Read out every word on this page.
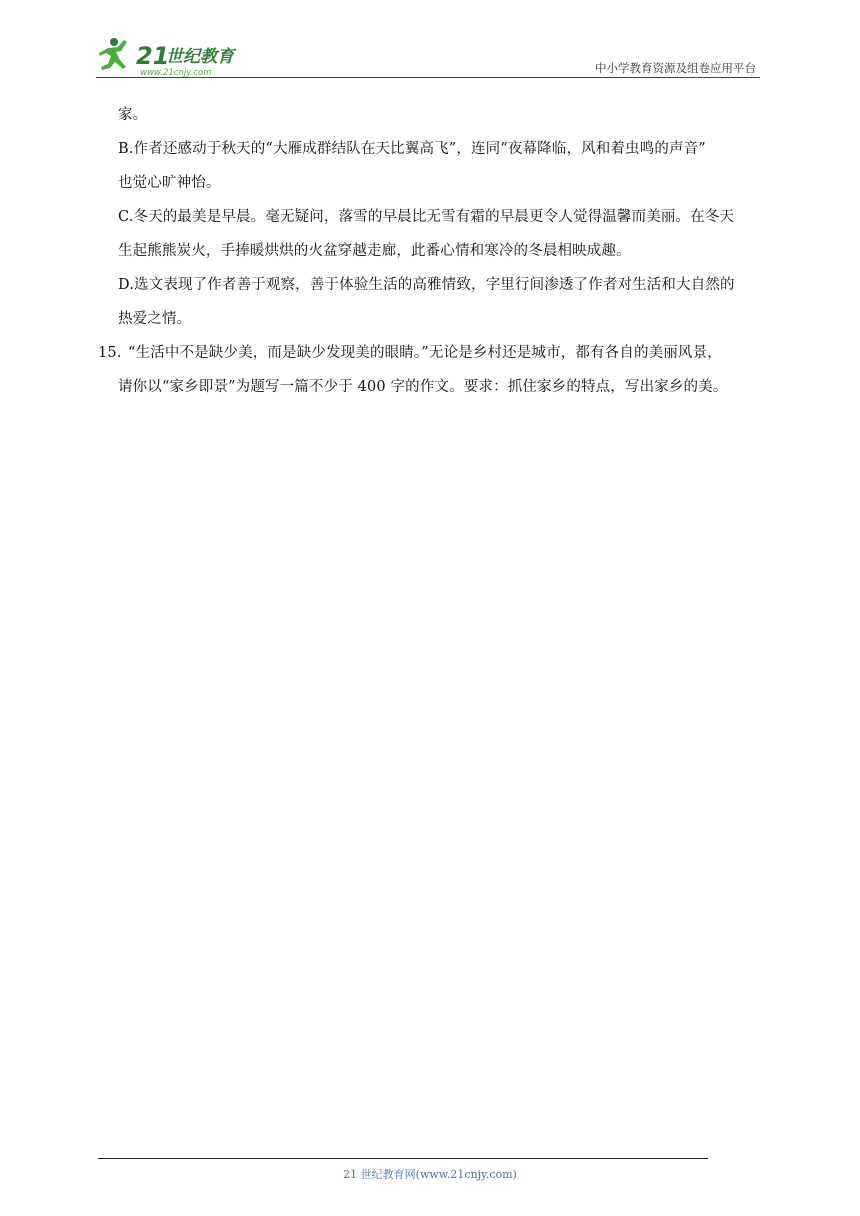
21
世纪教育
www.21cnjy.com	中小学教育资源及组卷应用平台
家。
B.作者还感动于秋天的“大雁成群结队在天比翼高飞”，连同“夜幕降临，风和着虫鸣的声音”
也觉心旷神怡。
C.冬天的最美是早晨。毫无疑问，落雪的早晨比无雪有霜的早晨更令人觉得温馨而美丽。在冬天
生起熊熊炭火，手捧暖烘烘的火盆穿越走廊，此番心情和寒冷的冬晨相映成趣。
D.选文表现了作者善于观察，善于体验生活的高雅情致，字里行间渗透了作者对生活和大自然的
热爱之情。
15. “生活中不是缺少美，而是缺少发现美的眼睛。”无论是乡村还是城市，都有各自的美丽风景，
请你以“家乡即景”为题写一篇不少于 400 字的作文。要求：抓住家乡的特点，写出家乡的美。
21 世纪教育网(www.21cnjy.com)
